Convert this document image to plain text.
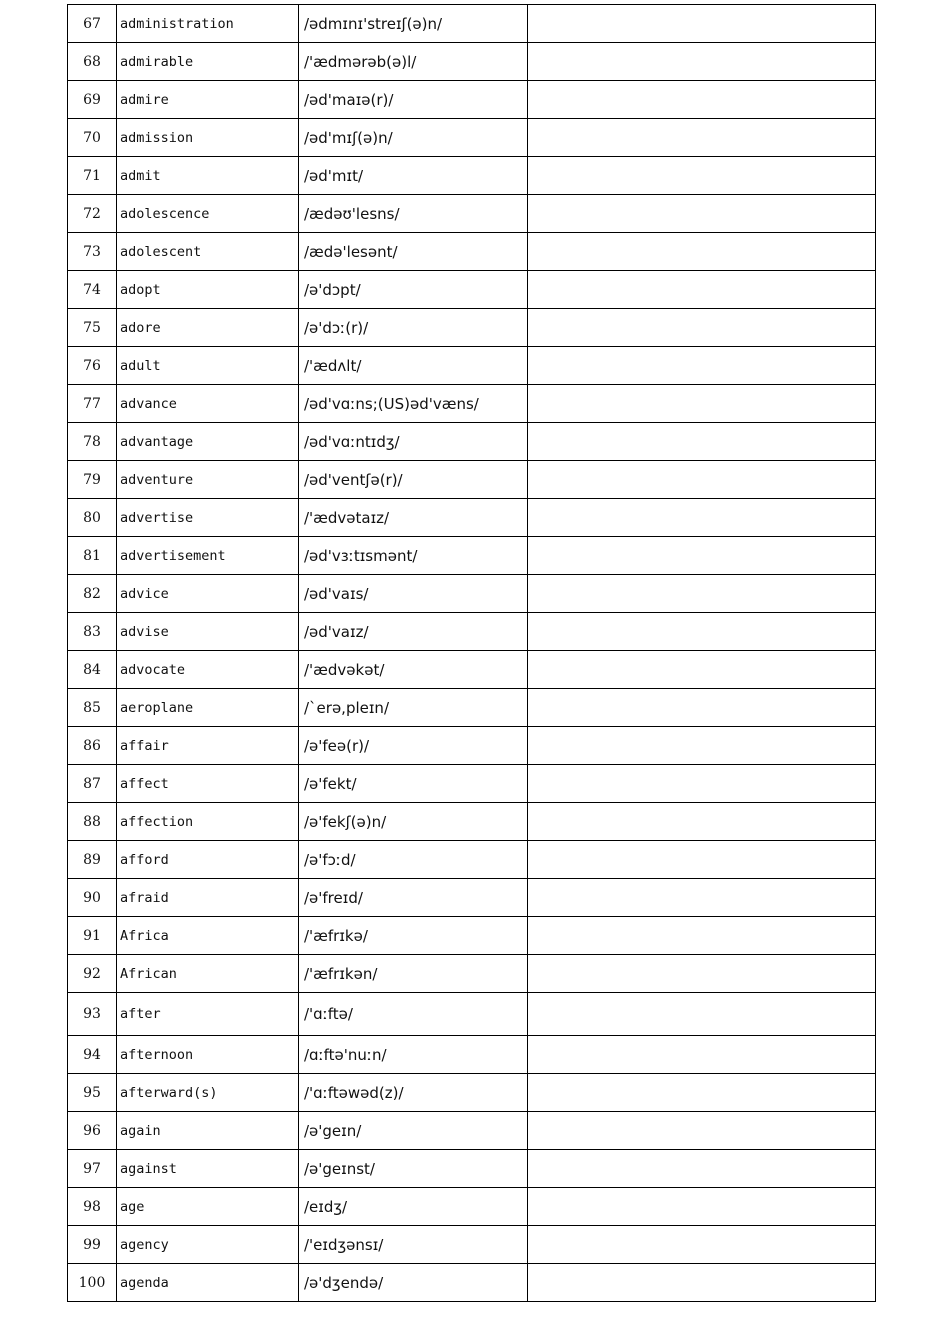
67	administration	/ədmɪnɪ'streɪʃ(ə)n/	
68	admirable	/'ædmərəb(ə)l/	
69	admire	/əd'maɪə(r)/	
70	admission	/əd'mɪʃ(ə)n/	
71	admit	/əd'mɪt/	
72	adolescence	/ædəʊ'lesns/	
73	adolescent	/ædə'lesənt/	
74	adopt	/ə'dɔpt/	
75	adore	/ə'dɔː(r)/	
76	adult	/'ædʌlt/	
77	advance	/əd'vɑːns;(US)əd'væns/	
78	advantage	/əd'vɑːntɪdʒ/	
79	adventure	/əd'ventʃə(r)/	
80	advertise	/'ædvətaɪz/	
81	advertisement	/əd'vɜːtɪsmənt/	
82	advice	/əd'vaɪs/	
83	advise	/əd'vaɪz/	
84	advocate	/'ædvəkət/	
85	aeroplane	/`erə,pleɪn/	
86	affair	/ə'feə(r)/	
87	affect	/ə'fekt/	
88	affection	/ə'fekʃ(ə)n/	
89	afford	/ə'fɔːd/	
90	afraid	/ə'freɪd/	
91	Africa	/'æfrɪkə/	
92	African	/'æfrɪkən/	
93	after	/'ɑːftə/	
94	afternoon	/ɑːftə'nuːn/	
95	afterward(s)	/'ɑːftəwəd(z)/	
96	again	/ə'geɪn/	
97	against	/ə'geɪnst/	
98	age	/eɪdʒ/	
99	agency	/'eɪdʒənsɪ/	
100	agenda	/ə'dʒendə/	
